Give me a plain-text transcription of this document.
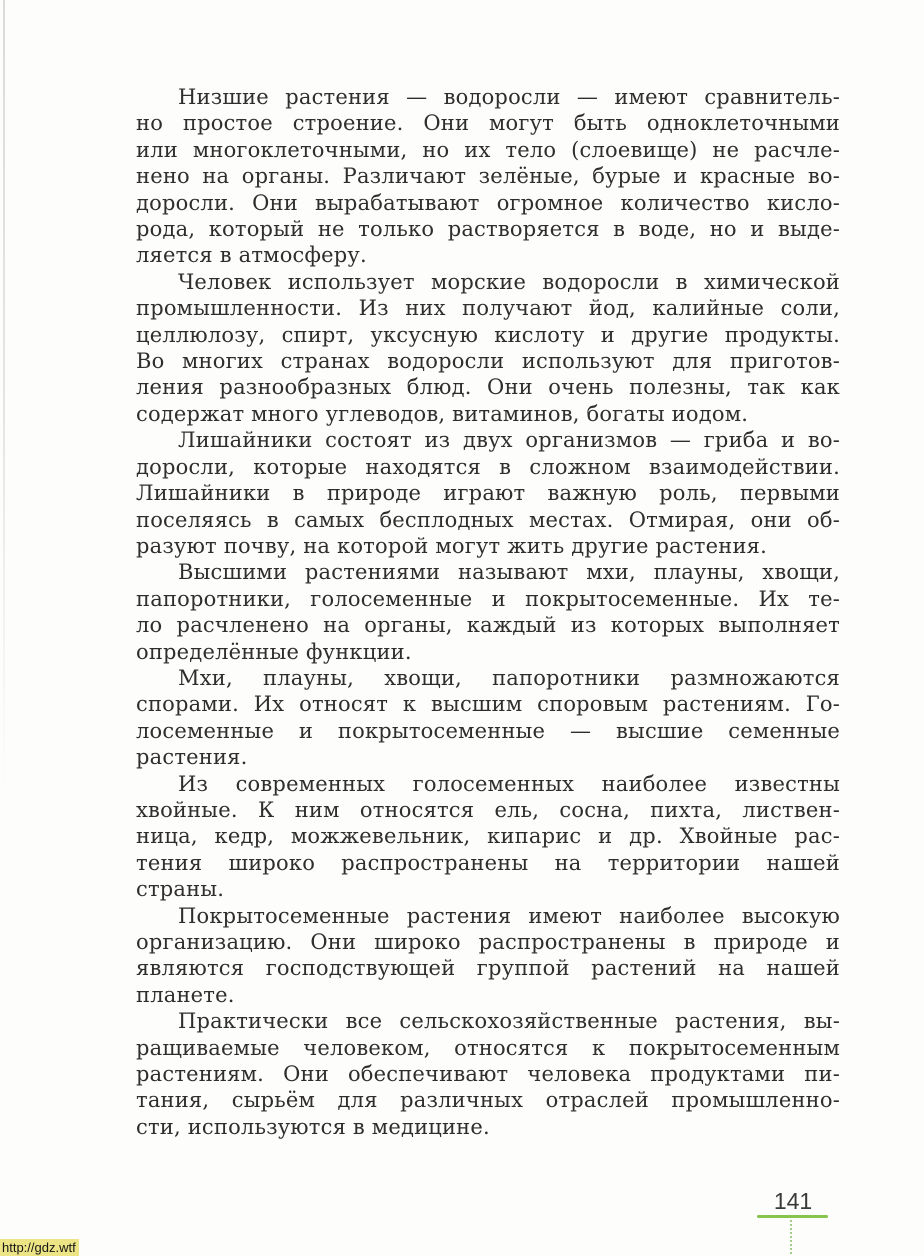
Низшие растения — водоросли — имеют сравнитель-
но простое строение. Они могут быть одноклеточными
или многоклеточными, но их тело (слоевище) не расчле-
нено на органы. Различают зелёные, бурые и красные во-
доросли. Они вырабатывают огромное количество кисло-
рода, который не только растворяется в воде, но и выде-
ляется в атмосферу.
Человек использует морские водоросли в химической
промышленности. Из них получают йод, калийные соли,
целлюлозу, спирт, уксусную кислоту и другие продукты.
Во многих странах водоросли используют для приготов-
ления разнообразных блюд. Они очень полезны, так как
содержат много углеводов, витаминов, богаты иодом.
Лишайники состоят из двух организмов — гриба и во-
доросли, которые находятся в сложном взаимодействии.
Лишайники в природе играют важную роль, первыми
поселяясь в самых бесплодных местах. Отмирая, они об-
разуют почву, на которой могут жить другие растения.
Высшими растениями называют мхи, плауны, хвощи,
папоротники, голосеменные и покрытосеменные. Их те-
ло расчленено на органы, каждый из которых выполняет
определённые функции.
Мхи, плауны, хвощи, папоротники размножаются
спорами. Их относят к высшим споровым растениям. Го-
лосеменные и покрытосеменные — высшие семенные
растения.
Из современных голосеменных наиболее известны
хвойные. К ним относятся ель, сосна, пихта, листвен-
ница, кедр, можжевельник, кипарис и др. Хвойные рас-
тения широко распространены на территории нашей
страны.
Покрытосеменные растения имеют наиболее высокую
организацию. Они широко распространены в природе и
являются господствующей группой растений на нашей
планете.
Практически все сельскохозяйственные растения, вы-
ращиваемые человеком, относятся к покрытосеменным
растениям. Они обеспечивают человека продуктами пи-
тания, сырьём для различных отраслей промышленно-
сти, используются в медицине.
141
http://gdz.wtf
